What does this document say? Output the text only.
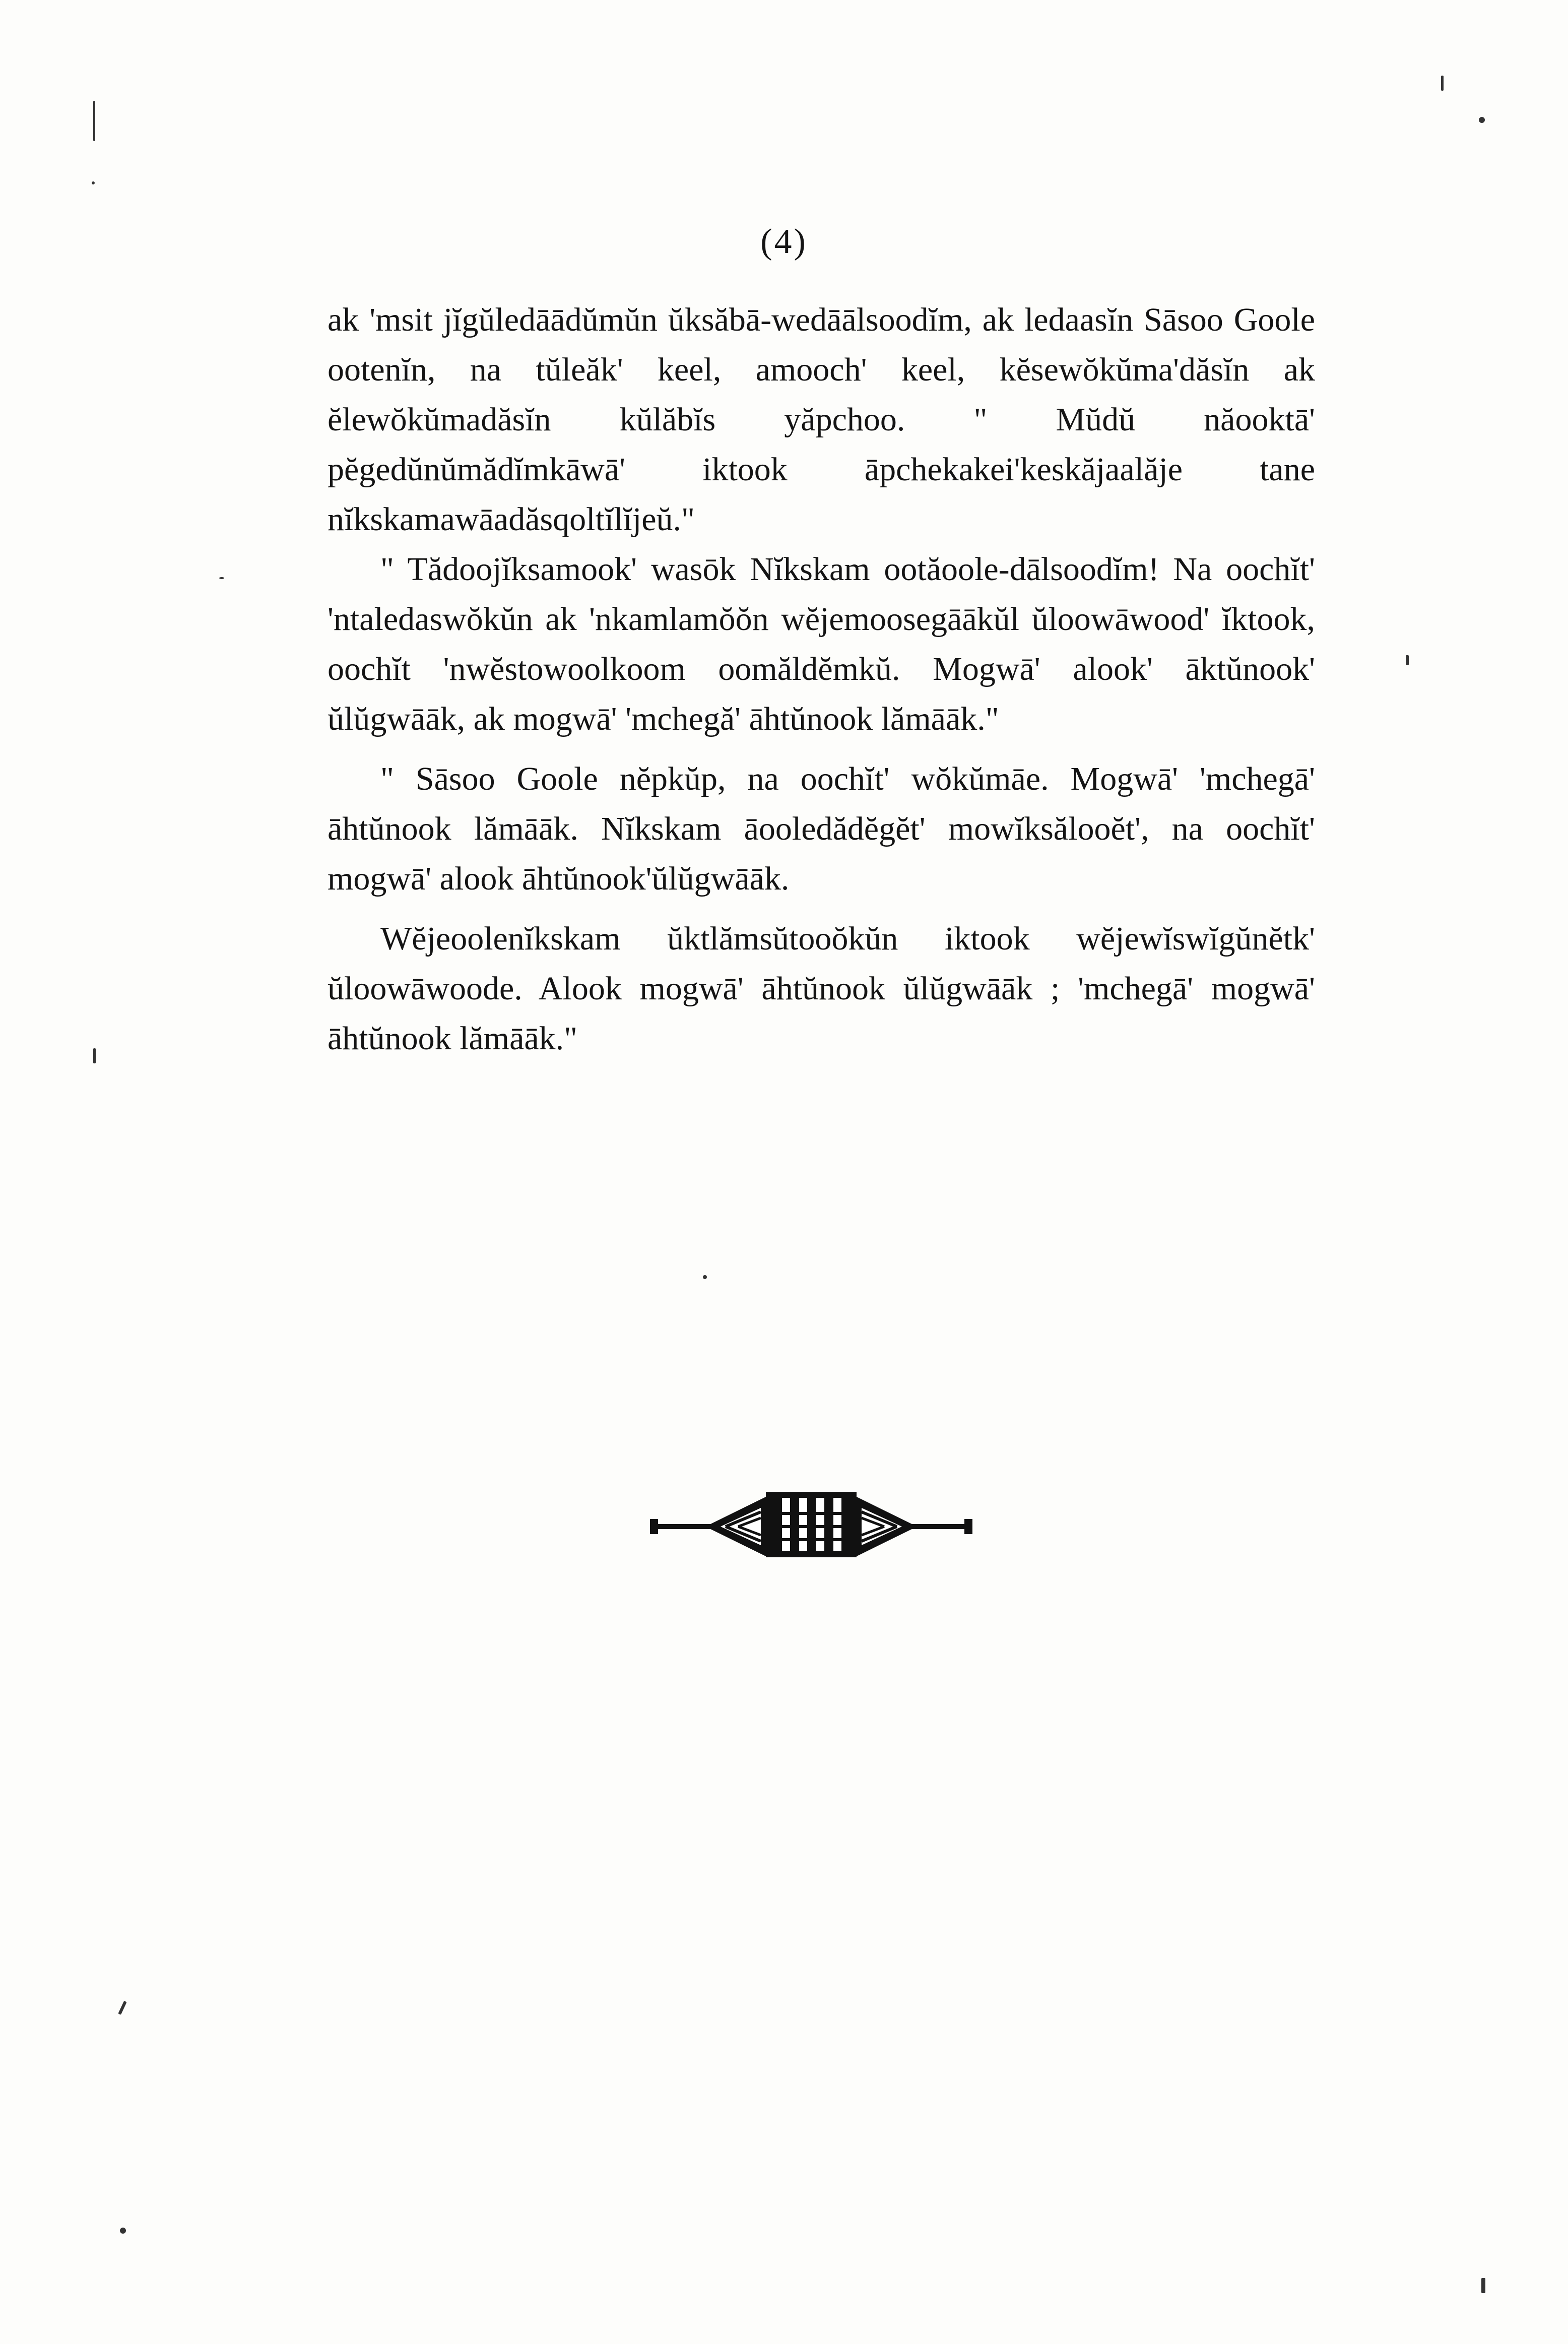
(4)

ak 'msit jĭgŭledāādŭmŭn ŭksăbā-wedāālsoodĭm, ak ledaasĭn Sāsoo Goole ootenĭn, na tŭleăk' keel, amooch' keel, kĕsewŏkŭma'dăsĭn ak ĕlewŏkŭmadăsĭn kŭlăbĭs yăpchoo. " Mŭdŭ năooktā' pĕgedŭnŭmădĭmkāwā' iktook āpchekakei'keskăjaalăje tane nĭkskamawāadăsqoltĭlĭjeŭ."

" Tădoojĭksamook' wasōk Nĭkskam ootăoole-dālsoodĭm! Na oochĭt' 'ntaledaswŏkŭn ak 'nkamlamŏŏn wĕjemoosegāākŭl ŭloowāwood' ĭktook, oochĭt 'nwĕstowoolkoom oomăldĕmkŭ. Mogwā' alook' āktŭnook' ŭlŭgwāāk, ak mogwā' 'mchegă' āhtŭnook lămāāk."

" Sāsoo Goole nĕpkŭp, na oochĭt' wŏkŭmāe. Mogwā' 'mchegā' āhtŭnook lămāāk. Nĭkskam āooledădĕgĕt' mowĭksălooĕt', na oochĭt' mogwā' alook āhtŭnook'ŭlŭgwāāk.

Wĕjeoolenĭkskam ŭktlămsŭtooŏkŭn iktook wĕjewĭswĭgŭnĕtk' ŭloowāwoode. Alook mogwā' āhtŭnook ŭlŭgwāāk ; 'mchegā' mogwā' āhtŭnook lămāāk."
